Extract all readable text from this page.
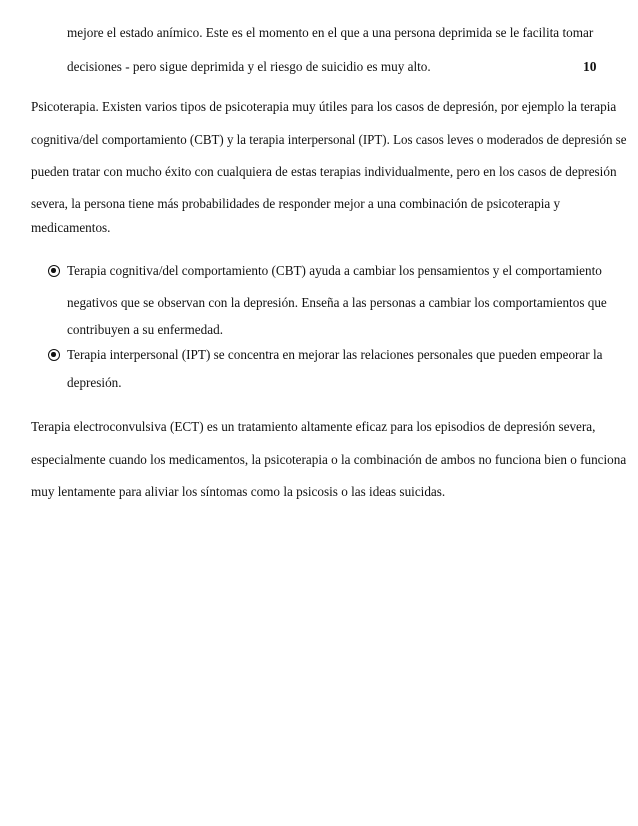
mejore el estado anímico. Este es el momento en el que a una persona deprimida se le facilita tomar
decisiones - pero sigue deprimida y el riesgo de suicidio es muy alto.	10
Psicoterapia. Existen varios tipos de psicoterapia muy útiles para los casos de depresión, por ejemplo la terapia
cognitiva/del comportamiento (CBT) y la terapia interpersonal (IPT). Los casos leves o moderados de depresión se
pueden tratar con mucho éxito con cualquiera de estas terapias individualmente, pero en los casos de depresión
severa, la persona tiene más probabilidades de responder mejor a una combinación de psicoterapia y
medicamentos.
Terapia cognitiva/del comportamiento (CBT) ayuda a cambiar los pensamientos y el comportamiento
negativos que se observan con la depresión. Enseña a las personas a cambiar los comportamientos que
contribuyen a su enfermedad.
Terapia interpersonal (IPT) se concentra en mejorar las relaciones personales que pueden empeorar la
depresión.
Terapia electroconvulsiva (ECT) es un tratamiento altamente eficaz para los episodios de depresión severa,
especialmente cuando los medicamentos, la psicoterapia o la combinación de ambos no funciona bien o funciona
muy lentamente para aliviar los síntomas como la psicosis o las ideas suicidas.
